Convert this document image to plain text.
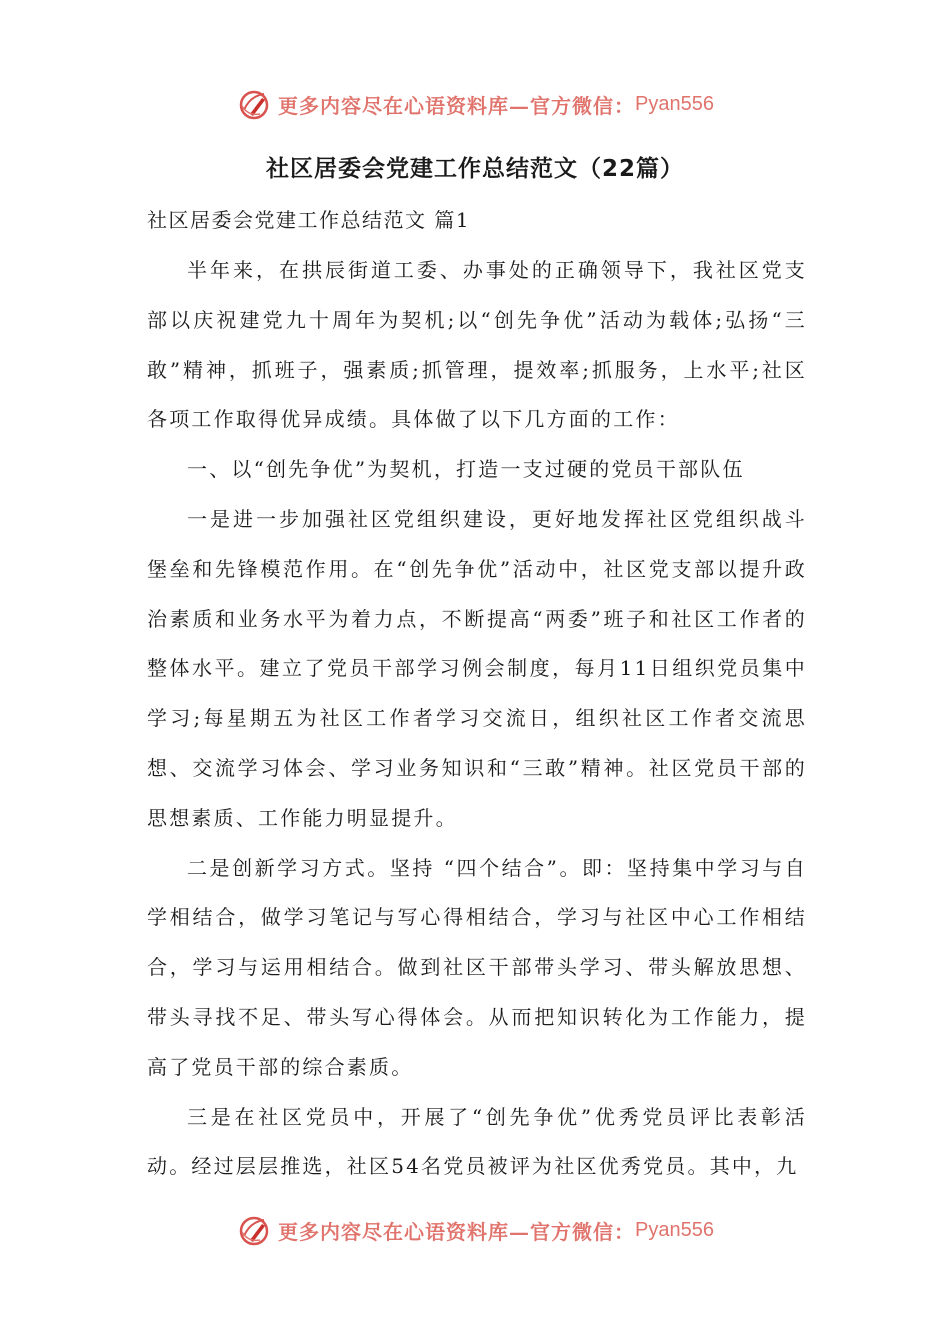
更多内容尽在心语资料库—官方微信： Pyan556
社区居委会党建工作总结范文（22篇）
社区居委会党建工作总结范文 篇1

半年来，在拱辰街道工委、办事处的正确领导下，我社区党支部以庆祝建党九十周年为契机;以“创先争优”活动为载体;弘扬“三敢”精神，抓班子，强素质;抓管理，提效率;抓服务，上水平;社区各项工作取得优异成绩。具体做了以下几方面的工作：

一、以“创先争优”为契机，打造一支过硬的党员干部队伍

一是进一步加强社区党组织建设，更好地发挥社区党组织战斗堡垒和先锋模范作用。在“创先争优”活动中，社区党支部以提升政治素质和业务水平为着力点，不断提高“两委”班子和社区工作者的整体水平。建立了党员干部学习例会制度，每月11日组织党员集中学习;每星期五为社区工作者学习交流日，组织社区工作者交流思想、交流学习体会、学习业务知识和“三敢”精神。社区党员干部的思想素质、工作能力明显提升。

二是创新学习方式。坚持 “四个结合”。即：坚持集中学习与自学相结合，做学习笔记与写心得相结合，学习与社区中心工作相结合，学习与运用相结合。做到社区干部带头学习、带头解放思想、带头寻找不足、带头写心得体会。从而把知识转化为工作能力，提高了党员干部的综合素质。

三是在社区党员中，开展了“创先争优”优秀党员评比表彰活动。经过层层推选，社区54名党员被评为社区优秀党员。其中，九

更多内容尽在心语资料库—官方微信： Pyan556
